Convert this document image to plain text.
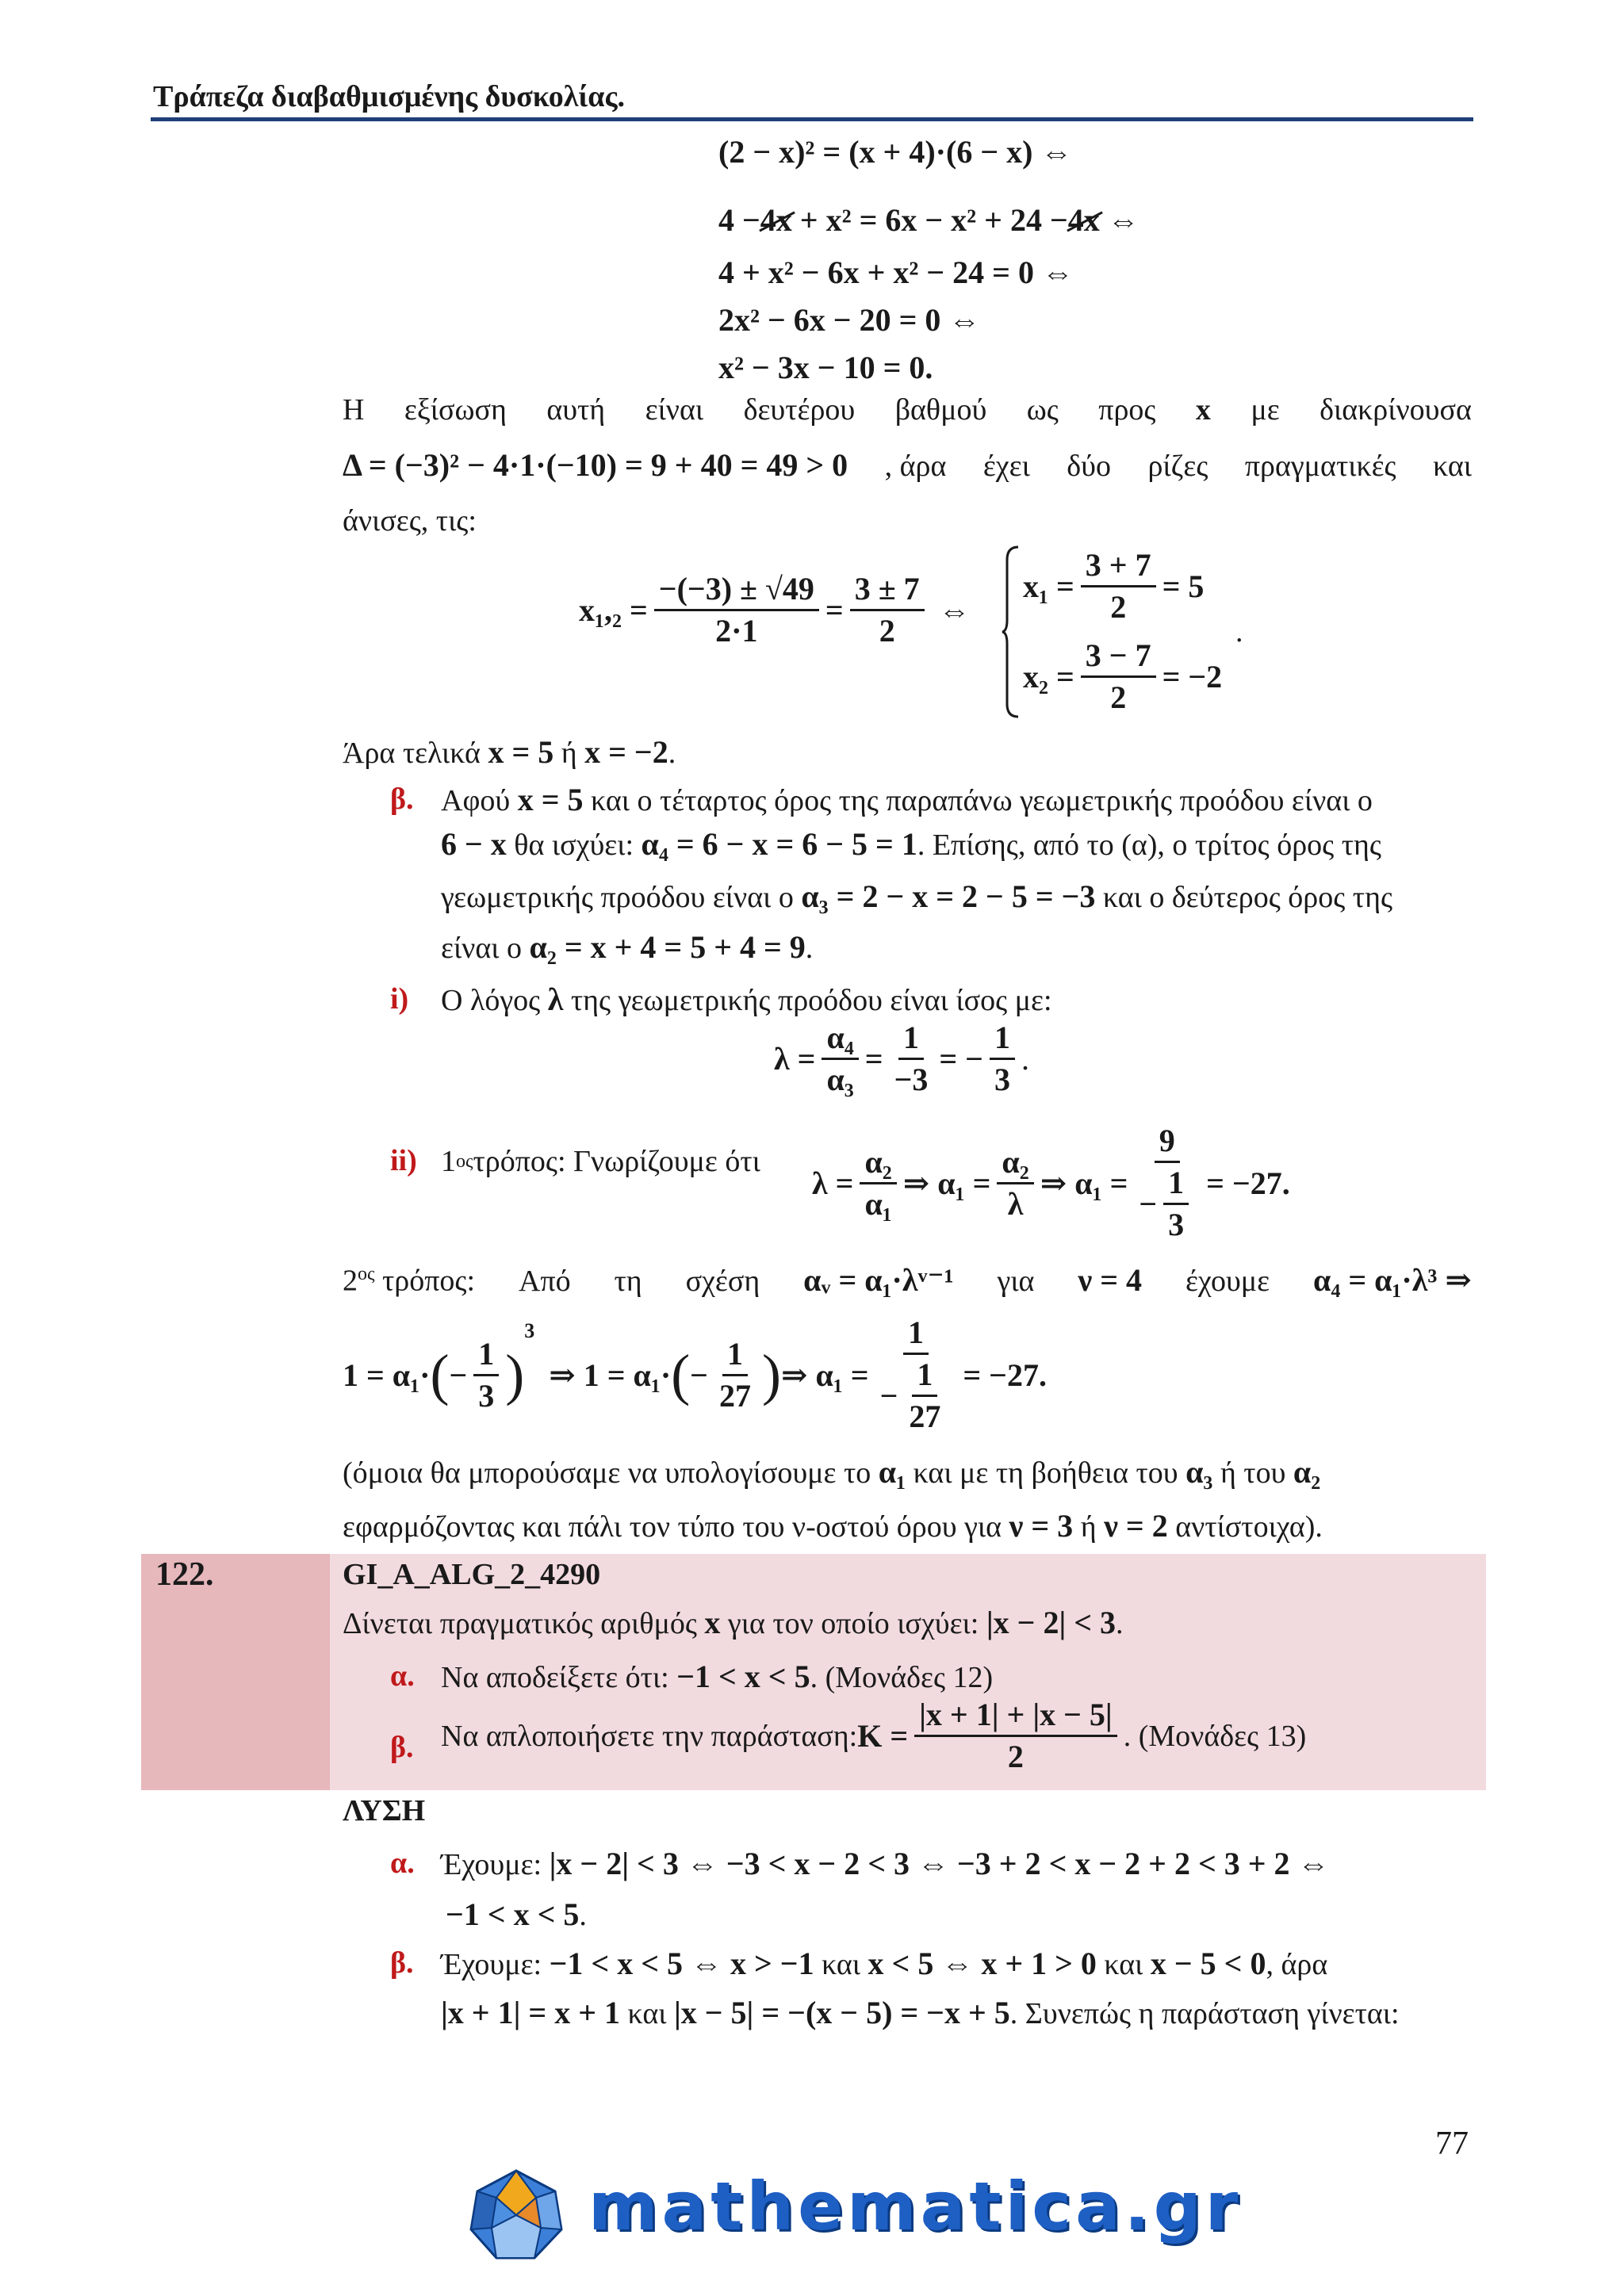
Τράπεζα διαβαθμισμένης δυσκολίας.
(2 − x)² = (x + 4)·(6 − x) ⇔
4 −4x + x² = 6x − x² + 24 −4x ⇔
4 + x² − 6x + x² − 24 = 0 ⇔
2x² − 6x − 20 = 0 ⇔
x² − 3x − 10 = 0.
Η εξίσωση αυτή είναι δευτέρου βαθμού ως προς x με διακρίνουσα
Δ = (−3)² − 4·1·(−10) = 9 + 40 = 49 > 0 , άρα έχει δύο ρίζες πραγματικές και
άνισες, τις:
$x_1,_2 = \frac{-(-3) \pm √49}{2\cdot 1} = \frac{3 \pm 7}{2}$ ⇔
$x_1 = \frac{3 + 7}{2} = 5$
$x_2 = \frac{3 - 7}{2} = -2$
.
Άρα τελικά x = 5 ή x = −2.
β. Αφού x = 5 και ο τέταρτος όρος της παραπάνω γεωμετρικής προόδου είναι ο
6 − x θα ισχύει: α₄ = 6 − x = 6 − 5 = 1. Επίσης, από το (α), ο τρίτος όρος της
γεωμετρικής προόδου είναι ο α₃ = 2 − x = 2 − 5 = −3 και ο δεύτερος όρος της
είναι ο α₂ = x + 4 = 5 + 4 = 9.
i) Ο λόγος λ της γεωμετρικής προόδου είναι ίσος με:
$\lambda = \frac{\text{α₄}}{\text{α₃}} = \frac{1}{-3}$ = − $\frac{1}{3}$ .
ii) 1 ος τρόπος: Γνωρίζουμε ότι
$\lambda = \frac{\text{α₂}}{\text{α₁}}$ ⇒ $\alpha_1 = \frac{\text{α₂}}{\lambda}$ ⇒ $\alpha_1 = \frac{9}{- \frac{1}{3}} = -27$.
$2^{o\varsigma}$ τρόπος: Από τη σχέση αᵥ = α₁·λᵛ⁻¹ για ν = 4 έχουμε α₄ = α₁·λ³ ⇒
1 = α₁· ( − $\frac{1}{3}$ )
$^3$
⇒ 1 = α₁· ( − $\frac{1}{27}$ ) ⇒ $\alpha_1 = \frac{1}{- \frac{1}{27}} = -27$.
(όμοια θα μπορούσαμε να υπολογίσουμε το α₁ και με τη βοήθεια του α₃ ή του α₂
εφαρμόζοντας και πάλι τον τύπο του ν-οστού όρου για ν = 3 ή ν = 2 αντίστοιχα).
122.	GI_A_ALG_2_4290
Δίνεται πραγματικός αριθμός x για τον οποίο ισχύει: |x − 2| < 3.
α. Να αποδείξετε ότι: −1 < x < 5. (Μονάδες 12)
β. Να απλοποιήσετε την παράσταση: $K = \frac{|x + 1| + |x - 5|}{2}$ . (Μονάδες 13)
ΛΥΣΗ
α. Έχουμε: |x − 2| < 3 ⇔ −3 < x − 2 < 3 ⇔ −3 + 2 < x − 2 + 2 < 3 + 2 ⇔
−1 < x < 5.
β. Έχουμε: −1 < x < 5 ⇔ x > −1 και x < 5 ⇔ x + 1 > 0 και x − 5 < 0, άρα
|x + 1| = x + 1 και |x − 5| = −(x − 5) = −x + 5. Συνεπώς η παράσταση γίνεται:
77
mathematica.gr
